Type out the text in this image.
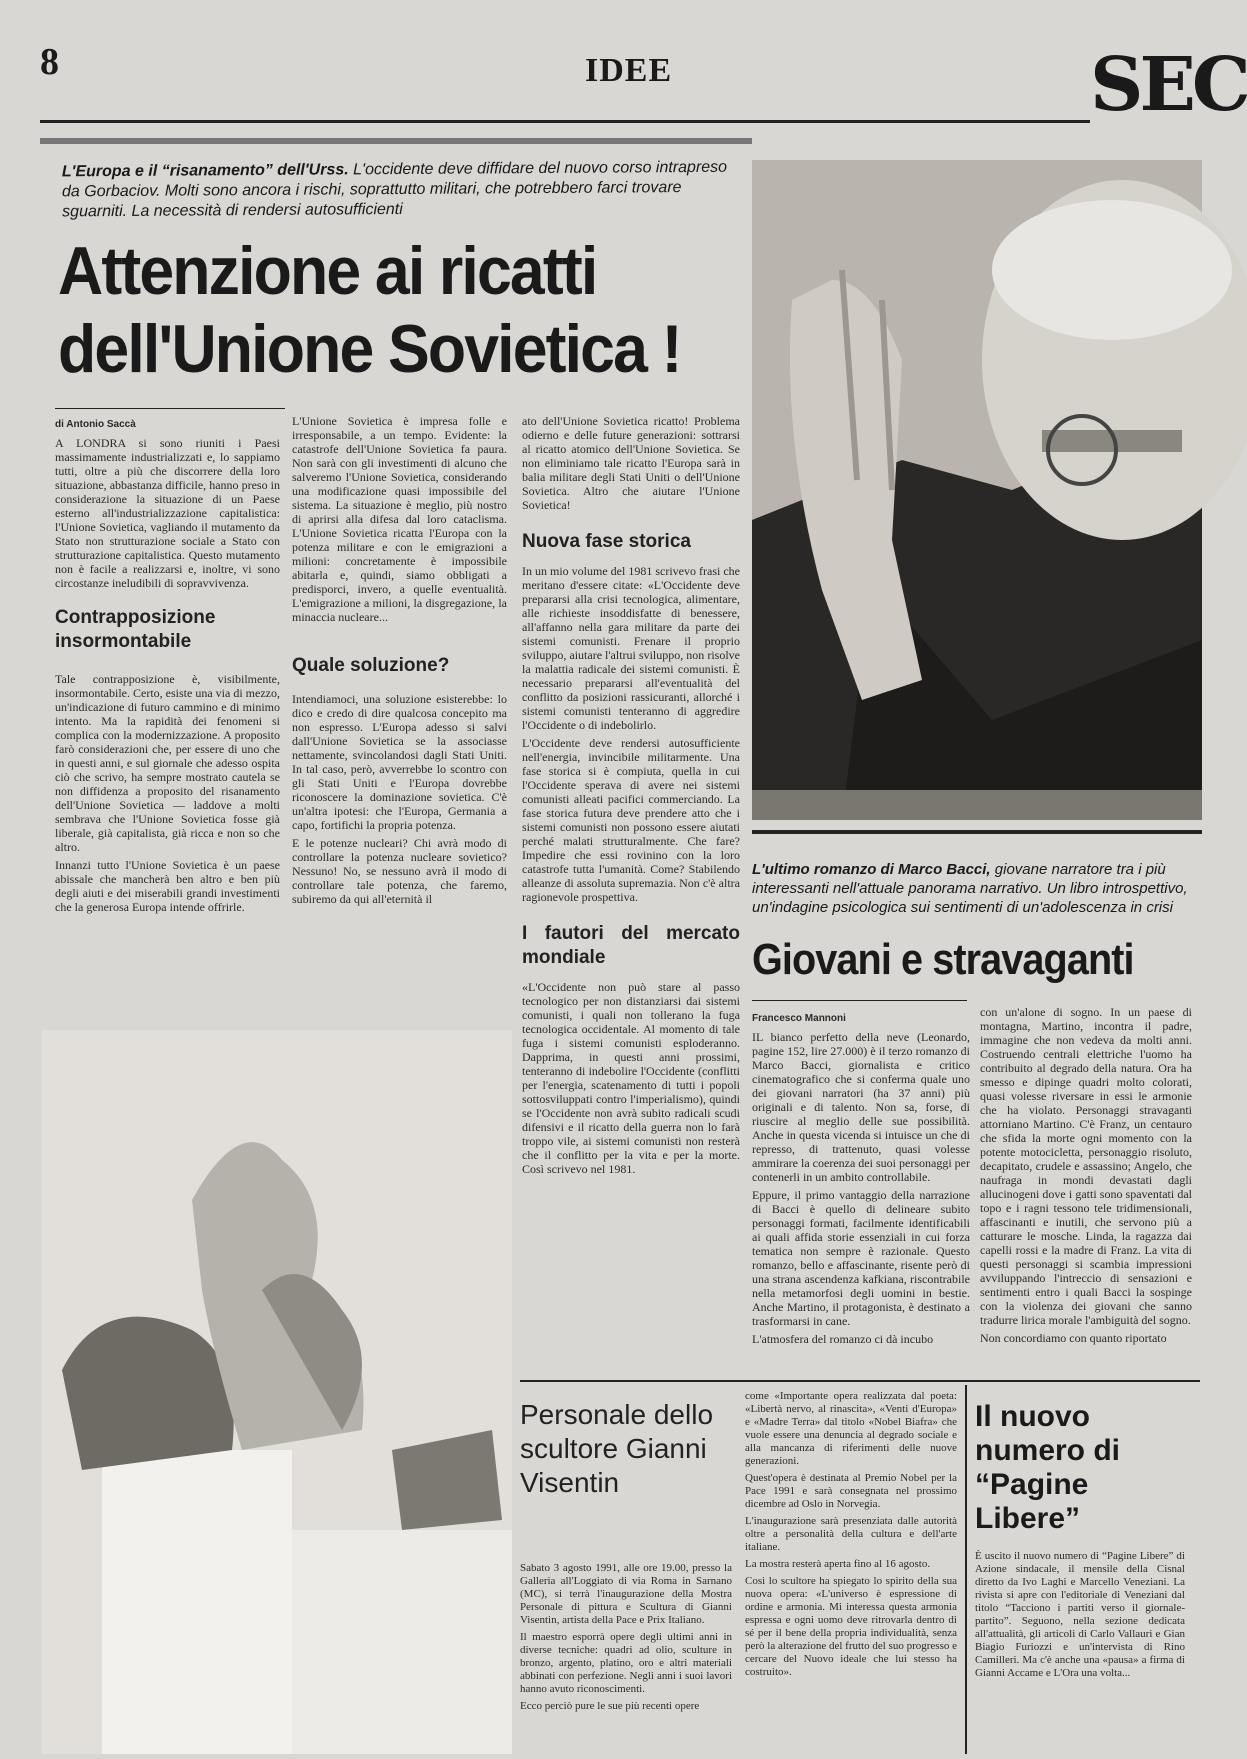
8	IDEE	SEC
L'Europa e il “risanamento” dell'Urss. L'occidente deve diffidare del nuovo corso intrapreso da Gorbaciov. Molti sono ancora i rischi, soprattutto militari, che potrebbero farci trovare sguarniti. La necessità di rendersi autosufficienti
Attenzione ai ricatti
dell'Unione Sovietica !

di Antonio Saccà

A LONDRA si sono riuniti i Paesi massimamente industrializzati e, lo sappiamo tutti, oltre a più che discorrere della loro situazione, abbastanza difficile, hanno preso in considerazione la situazione di un Paese esterno all'industrializzazione capitalistica: l'Unione Sovietica, vagliando il mutamento da Stato non strutturazione sociale a Stato con strutturazione capitalistica. Questo mutamento non è facile a realizzarsi e, inoltre, vi sono circostanze ineludibili di sopravvivenza.

Contrapposizione insormontabile

Tale contrapposizione è, visibilmente, insormontabile. Certo, esiste una via di mezzo, un'indicazione di futuro cammino e di minimo intento. Ma la rapidità dei fenomeni si complica con la modernizzazione. A proposito farò considerazioni che, per essere di uno che in questi anni, e sul giornale che adesso ospita ciò che scrivo, ha sempre mostrato cautela se non diffidenza a proposito del risanamento dell'Unione Sovietica — laddove a molti sembrava che l'Unione Sovietica fosse già liberale, già capitalista, già ricca e non so che altro.

Innanzi tutto l'Unione Sovietica è un paese abissale che mancherà ben altro e ben più degli aiuti e dei miserabili grandi investimenti che la generosa Europa intende offrirle.

L'Unione Sovietica è impresa folle e irresponsabile, a un tempo. Evidente: la catastrofe dell'Unione Sovietica fa paura. Non sarà con gli investimenti di alcuno che salveremo l'Unione Sovietica, considerando una modificazione quasi impossibile del sistema. La situazione è meglio, più nostro di aprirsi alla difesa dal loro cataclisma. L'Unione Sovietica ricatta l'Europa con la potenza militare e con le emigrazioni a milioni: concretamente è impossibile abitarla e, quindi, siamo obbligati a predisporci, invero, a quelle eventualità. L'emigrazione a milioni, la disgregazione, la minaccia nucleare...

Quale soluzione?

Intendiamoci, una soluzione esisterebbe: lo dico e credo di dire qualcosa concepito ma non espresso. L'Europa adesso si salvi dall'Unione Sovietica se la associasse nettamente, svincolandosi dagli Stati Uniti. In tal caso, però, avverrebbe lo scontro con gli Stati Uniti e l'Europa dovrebbe riconoscere la dominazione sovietica. C'è un'altra ipotesi: che l'Europa, Germania a capo, fortifichi la propria potenza.

E le potenze nucleari? Chi avrà modo di controllare la potenza nucleare sovietico? Nessuno! No, se nessuno avrà il modo di controllare tale potenza, che faremo, subiremo da qui all'eternità il

ato dell'Unione Sovietica ricatto! Problema odierno e delle future generazioni: sottrarsi al ricatto atomico dell'Unione Sovietica. Se non eliminiamo tale ricatto l'Europa sarà in balia militare degli Stati Uniti o dell'Unione Sovietica. Altro che aiutare l'Unione Sovietica!

Nuova fase storica

In un mio volume del 1981 scrivevo frasi che meritano d'essere citate: «L'Occidente deve prepararsi alla crisi tecnologica, alimentare, alle richieste insoddisfatte di benessere, all'affanno nella gara militare da parte dei sistemi comunisti. Frenare il proprio sviluppo, aiutare l'altrui sviluppo, non risolve la malattia radicale dei sistemi comunisti. È necessario prepararsi all'eventualità del conflitto da posizioni rassicuranti, allorché i sistemi comunisti tenteranno di aggredire l'Occidente o di indebolirlo.

L'Occidente deve rendersi autosufficiente nell'energia, invincibile militarmente. Una fase storica si è compiuta, quella in cui l'Occidente sperava di avere nei sistemi comunisti alleati pacifici commerciando. La fase storica futura deve prendere atto che i sistemi comunisti non possono essere aiutati perché malati strutturalmente. Che fare? Impedire che essi rovinino con la loro catastrofe tutta l'umanità. Come? Stabilendo alleanze di assoluta supremazia. Non c'è altra ragionevole prospettiva.

I fautori del mercato mondiale

«L'Occidente non può stare al passo tecnologico per non distanziarsi dai sistemi comunisti, i quali non tollerano la fuga tecnologica occidentale. Al momento di tale fuga i sistemi comunisti esploderanno. Dapprima, in questi anni prossimi, tenteranno di indebolire l'Occidente (conflitti per l'energia, scatenamento di tutti i popoli sottosviluppati contro l'imperialismo), quindi se l'Occidente non avrà subito radicali scudi difensivi e il ricatto della guerra non lo farà troppo vile, ai sistemi comunisti non resterà che il conflitto per la vita e per la morte. Così scrivevo nel 1981.

L'ultimo romanzo di Marco Bacci, giovane narratore tra i più interessanti nell'attuale panorama narrativo. Un libro introspettivo, un'indagine psicologica sui sentimenti di un'adolescenza in crisi
Giovani e stravaganti

Francesco Mannoni

IL bianco perfetto della neve (Leonardo, pagine 152, lire 27.000) è il terzo romanzo di Marco Bacci, giornalista e critico cinematografico che si conferma quale uno dei giovani narratori (ha 37 anni) più originali e di talento. Non sa, forse, di riuscire al meglio delle sue possibilità. Anche in questa vicenda si intuisce un che di represso, di trattenuto, quasi volesse ammirare la coerenza dei suoi personaggi per contenerli in un ambito controllabile.

Eppure, il primo vantaggio della narrazione di Bacci è quello di delineare subito personaggi formati, facilmente identificabili ai quali affida storie essenziali in cui forza tematica non sempre è razionale. Questo romanzo, bello e affascinante, risente però di una strana ascendenza kafkiana, riscontrabile nella metamorfosi degli uomini in bestie. Anche Martino, il protagonista, è destinato a trasformarsi in cane.

L'atmosfera del romanzo ci dà incubo

con un'alone di sogno. In un paese di montagna, Martino, incontra il padre, immagine che non vedeva da molti anni. Costruendo centrali elettriche l'uomo ha contribuito al degrado della natura. Ora ha smesso e dipinge quadri molto colorati, quasi volesse riversare in essi le armonie che ha violato. Personaggi stravaganti attorniano Martino. C'è Franz, un centauro che sfida la morte ogni momento con la potente motocicletta, personaggio risoluto, decapitato, crudele e assassino; Angelo, che naufraga in mondi devastati dagli allucinogeni dove i gatti sono spaventati dal topo e i ragni tessono tele tridimensionali, affascinanti e inutili, che servono più a catturare le mosche. Linda, la ragazza dai capelli rossi e la madre di Franz. La vita di questi personaggi si scambia impressioni avviluppando l'intreccio di sensazioni e sentimenti entro i quali Bacci la sospinge con la violenza dei giovani che sanno tradurre lirica morale l'ambiguità del sogno.

Non concordiamo con quanto riportato

Personale dello scultore Gianni Visentin

Sabato 3 agosto 1991, alle ore 19.00, presso la Galleria all'Loggiato di via Roma in Sarnano (MC), si terrà l'inaugurazione della Mostra Personale di pittura e Scultura di Gianni Visentin, artista della Pace e Prix Italiano.

Il maestro esporrà opere degli ultimi anni in diverse tecniche: quadri ad olio, sculture in bronzo, argento, platino, oro e altri materiali abbinati con perfezione. Negli anni i suoi lavori hanno avuto riconoscimenti.

Ecco perciò pure le sue più recenti opere

come «Importante opera realizzata dal poeta: «Libertà nervo, al rinascita», «Venti d'Europa» e «Madre Terra» dal titolo «Nobel Biafra» che vuole essere una denuncia al degrado sociale e alla mancanza di riferimenti delle nuove generazioni.

Quest'opera è destinata al Premio Nobel per la Pace 1991 e sarà consegnata nel prossimo dicembre ad Oslo in Norvegia.

L'inaugurazione sarà presenziata dalle autorità oltre a personalità della cultura e dell'arte italiane.

La mostra resterà aperta fino al 16 agosto.

Così lo scultore ha spiegato lo spirito della sua nuova opera: «L'universo è espressione di ordine e armonia. Mi interessa questa armonia espressa e ogni uomo deve ritrovarla dentro di sé per il bene della propria individualità, senza però la alterazione del frutto del suo progresso e cercare del Nuovo ideale che lui stesso ha costruito».

Il nuovo numero di “Pagine Libere”

È uscito il nuovo numero di “Pagine Libere” di Azione sindacale, il mensile della Cisnal diretto da Ivo Laghi e Marcello Veneziani. La rivista si apre con l'editoriale di Veneziani dal titolo “Tacciono i partiti verso il giornale-partito”. Seguono, nella sezione dedicata all'attualità, gli articoli di Carlo Vallauri e Gian Biagio Furiozzi e un'intervista di Rino Camilleri. Ma c'è anche una «pausa» a firma di Gianni Accame e L'Ora una volta...
